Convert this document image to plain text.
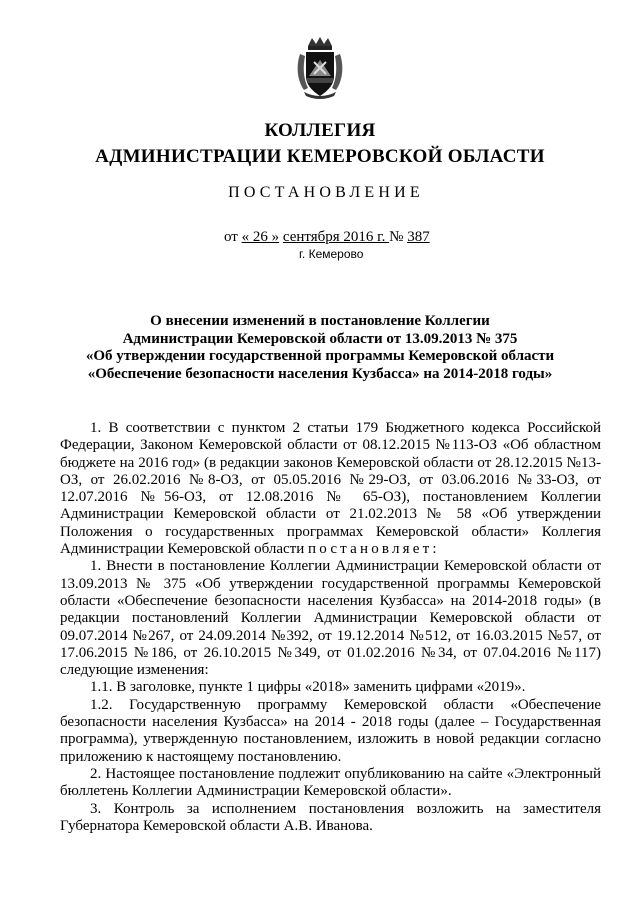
КОЛЛЕГИЯ
АДМИНИСТРАЦИИ КЕМЕРОВСКОЙ ОБЛАСТИ
ПОСТАНОВЛЕНИЕ
от « 26 » сентября 2016 г. № 387
г. Кемерово
О внесении изменений в постановление Коллегии
Администрации Кемеровской области от 13.09.2013 № 375
«Об утверждении государственной программы Кемеровской области
«Обеспечение безопасности населения Кузбасса» на 2014-2018 годы»

1. В соответствии с пунктом 2 статьи 179 Бюджетного кодекса Российской Федерации, Законом Кемеровской области от 08.12.2015 №113-ОЗ «Об областном бюджете на 2016 год» (в редакции законов Кемеровской области от 28.12.2015 №13-ОЗ, от 26.02.2016 №8-ОЗ, от 05.05.2016 №29-ОЗ, от 03.06.2016 №33-ОЗ, от 12.07.2016 №56-ОЗ, от 12.08.2016 № 65-ОЗ), постановлением Коллегии Администрации Кемеровской области от 21.02.2013 № 58 «Об утверждении Положения о государственных программах Кемеровской области» Коллегия Администрации Кемеровской области постановляет:

1. Внести в постановление Коллегии Администрации Кемеровской области от 13.09.2013 № 375 «Об утверждении государственной программы Кемеровской области «Обеспечение безопасности населения Кузбасса» на 2014-2018 годы» (в редакции постановлений Коллегии Администрации Кемеровской области от 09.07.2014 №267, от 24.09.2014 №392, от 19.12.2014 №512, от 16.03.2015 №57, от 17.06.2015 №186, от 26.10.2015 №349, от 01.02.2016 №34, от 07.04.2016 №117) следующие изменения:

1.1. В заголовке, пункте 1 цифры «2018» заменить цифрами «2019».

1.2. Государственную программу Кемеровской области «Обеспечение безопасности населения Кузбасса» на 2014 - 2018 годы (далее – Государственная программа), утвержденную постановлением, изложить в новой редакции согласно приложению к настоящему постановлению.

2. Настоящее постановление подлежит опубликованию на сайте «Электронный бюллетень Коллегии Администрации Кемеровской области».

3. Контроль за исполнением постановления возложить на заместителя Губернатора Кемеровской области А.В. Иванова.
